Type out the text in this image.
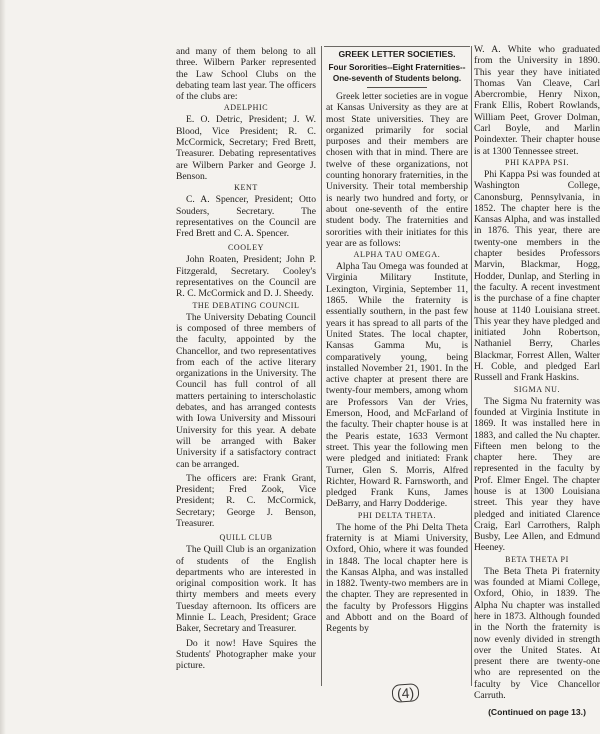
and many of them belong to all three. Wilbern Parker represented the Law School Clubs on the debating team last year. The officers of the clubs are:

ADELPHIC

E. O. Detric, President; J. W. Blood, Vice President; R. C. McCormick, Secretary; Fred Brett, Treasurer. Debating representatives are Wilbern Parker and George J. Benson.

KENT

C. A. Spencer, President; Otto Souders, Secretary. The representatives on the Council are Fred Brett and C. A. Spencer.

COOLEY

John Roaten, President; John P. Fitzgerald, Secretary. Cooley's representatives on the Council are R. C. McCormick and D. J. Sheedy.

THE DEBATING COUNCIL

The University Debating Council is composed of three members of the faculty, appointed by the Chancellor, and two representatives from each of the active literary organizations in the University. The Council has full control of all matters pertaining to interscholastic debates, and has arranged contests with Iowa University and Missouri University for this year. A debate will be arranged with Baker University if a satisfactory contract can be arranged.

The officers are: Frank Grant, President; Fred Zook, Vice President; R. C. McCormick, Secretary; George J. Benson, Treasurer.

QUILL CLUB

The Quill Club is an organization of students of the English departments who are interested in original composition work. It has thirty members and meets every Tuesday afternoon. Its officers are Minnie L. Leach, President; Grace Baker, Secretary and Treasurer.

Do it now! Have Squires the Students' Photographer make your picture.

GREEK LETTER SOCIETIES.
Four Sororities--Eight Fraternities--One-seventh of Students belong.

Greek letter societies are in vogue at Kansas University as they are at most State universities. They are organized primarily for social purposes and their members are chosen with that in mind. There are twelve of these organizations, not counting honorary fraternities, in the University. Their total membership is nearly two hundred and forty, or about one-seventh of the entire student body. The fraternities and sororities with their initiates for this year are as follows:

ALPHA TAU OMEGA.

Alpha Tau Omega was founded at Virginia Military Institute, Lexington, Virginia, September 11, 1865. While the fraternity is essentially southern, in the past few years it has spread to all parts of the United States. The local chapter, Kansas Gamma Mu, is comparatively young, being installed November 21, 1901. In the active chapter at present there are twenty-four members, among whom are Professors Van der Vries, Emerson, Hood, and McFarland of the faculty. Their chapter house is at the Pearis estate, 1633 Vermont street. This year the following men were pledged and initiated: Frank Turner, Glen S. Morris, Alfred Richter, Howard R. Farnsworth, and pledged Frank Kuns, James DeBarry, and Harry Dodderige.

PHI DELTA THETA.

The home of the Phi Delta Theta fraternity is at Miami University, Oxford, Ohio, where it was founded in 1848. The local chapter here is the Kansas Alpha, and was installed in 1882. Twenty-two members are in the chapter. They are represented in the faculty by Professors Higgins and Abbott and on the Board of Regents by

W. A. White who graduated from the University in 1890. This year they have initiated Thomas Van Cleave, Carl Abercrombie, Henry Nixon, Frank Ellis, Robert Rowlands, William Peet, Grover Dolman, Carl Boyle, and Marlin Poindexter. Their chapter house is at 1300 Tennessee street.

PHI KAPPA PSI.

Phi Kappa Psi was founded at Washington College, Canonsburg, Pennsylvania, in 1852. The chapter here is the Kansas Alpha, and was installed in 1876. This year, there are twenty-one members in the chapter besides Professors Marvin, Blackmar, Hogg, Hodder, Dunlap, and Sterling in the faculty. A recent investment is the purchase of a fine chapter house at 1140 Louisiana street. This year they have pledged and initiated John Robertson, Nathaniel Berry, Charles Blackmar, Forrest Allen, Walter H. Coble, and pledged Earl Russell and Frank Haskins.

SIGMA NU.

The Sigma Nu fraternity was founded at Virginia Institute in 1869. It was installed here in 1883, and called the Nu chapter. Fifteen men belong to the chapter here. They are represented in the faculty by Prof. Elmer Engel. The chapter house is at 1300 Louisiana street. This year they have pledged and initiated Clarence Craig, Earl Carrothers, Ralph Busby, Lee Allen, and Edmund Heeney.

BETA THETA PI

The Beta Theta Pi fraternity was founded at Miami College, Oxford, Ohio, in 1839. The Alpha Nu chapter was installed here in 1873. Although founded in the North the fraternity is now evenly divided in strength over the United States. At present there are twenty-one who are represented on the faculty by Vice Chancellor Carruth.

(Continued on page 13.)
(4)
